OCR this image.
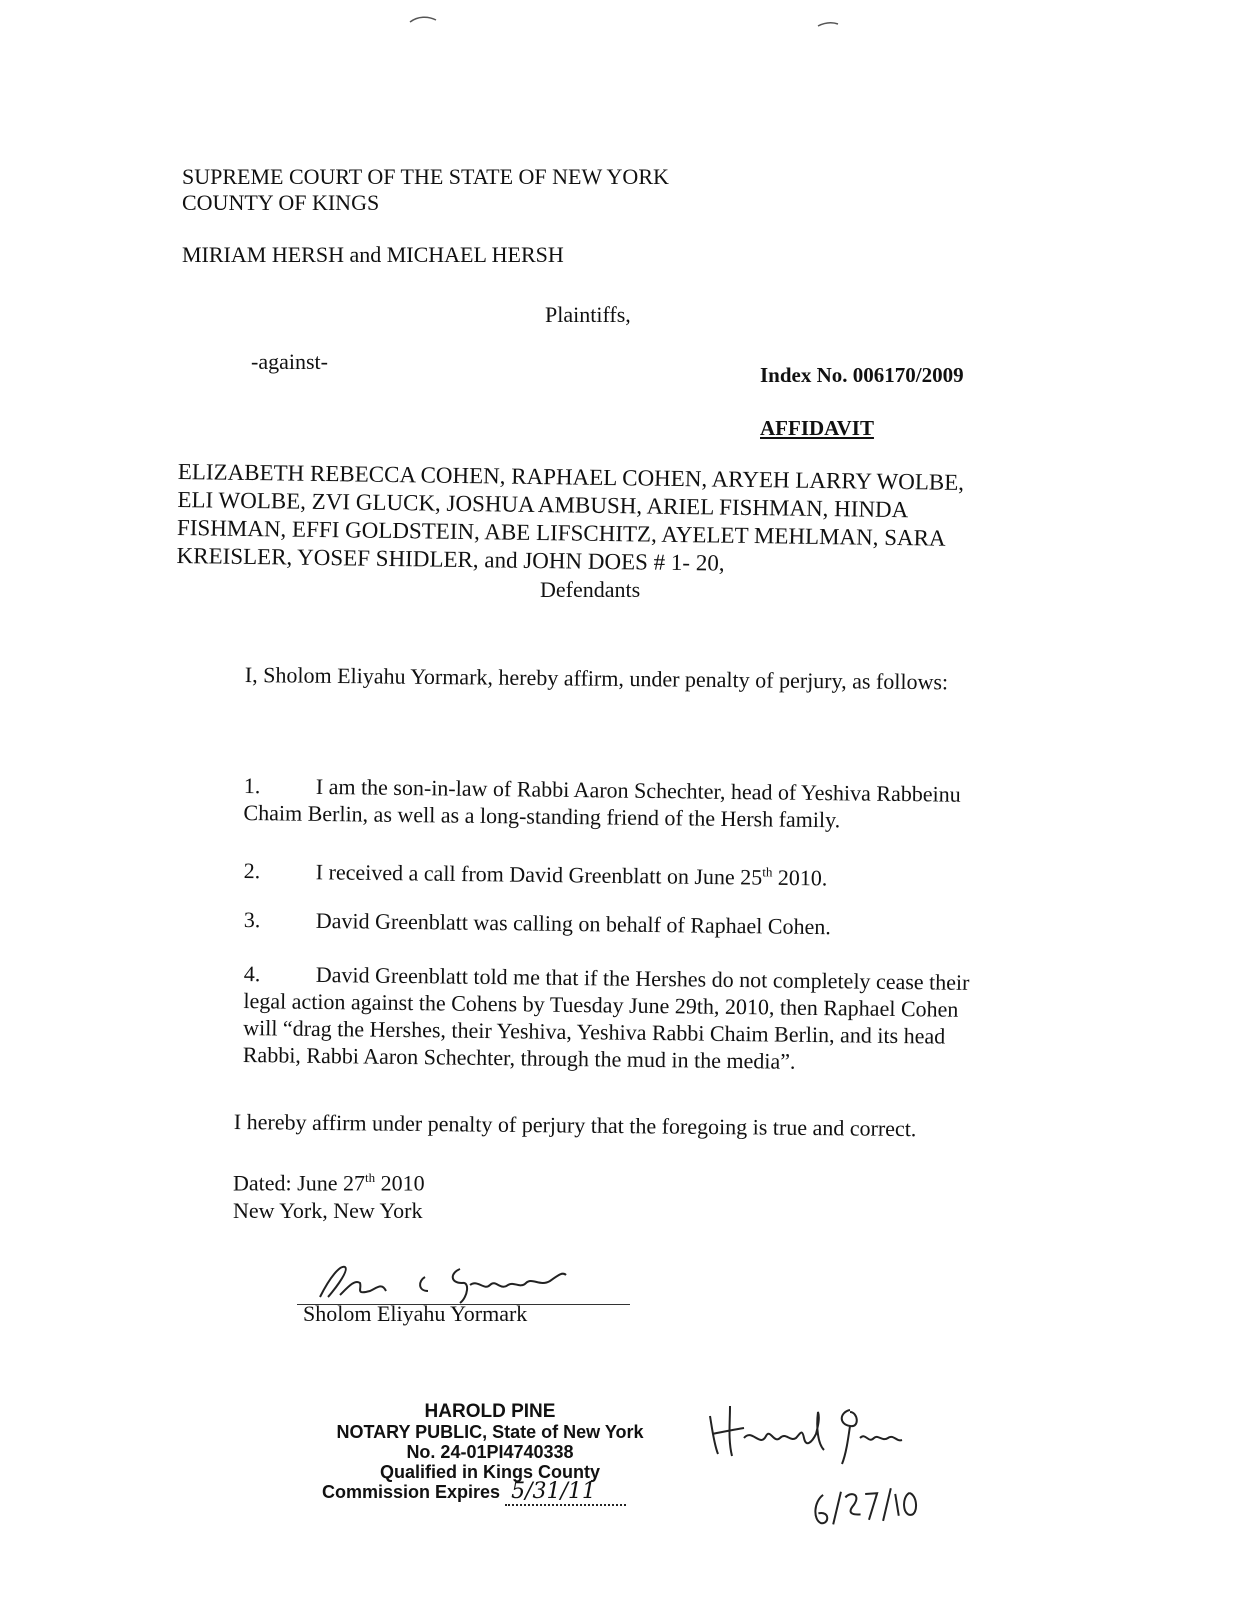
SUPREME COURT OF THE STATE OF NEW YORK
COUNTY OF KINGS
MIRIAM HERSH and MICHAEL HERSH
Plaintiffs,
-against-
Index No. 006170/2009
AFFIDAVIT
ELIZABETH REBECCA COHEN, RAPHAEL COHEN, ARYEH LARRY WOLBE,
ELI WOLBE, ZVI GLUCK, JOSHUA AMBUSH, ARIEL FISHMAN, HINDA
FISHMAN, EFFI GOLDSTEIN, ABE LIFSCHITZ, AYELET MEHLMAN, SARA
KREISLER, YOSEF SHIDLER, and JOHN DOES # 1- 20,
Defendants
I, Sholom Eliyahu Yormark, hereby affirm, under penalty of perjury, as follows:
1.	I am the son-in-law of Rabbi Aaron Schechter, head of Yeshiva Rabbeinu
Chaim Berlin, as well as a long-standing friend of the Hersh family.
2.	I received a call from David Greenblatt on June 25th 2010.
3.	David Greenblatt was calling on behalf of Raphael Cohen.
4.	David Greenblatt told me that if the Hershes do not completely cease their
legal action against the Cohens by Tuesday June 29th, 2010, then Raphael Cohen
will “drag the Hershes, their Yeshiva, Yeshiva Rabbi Chaim Berlin, and its head
Rabbi, Rabbi Aaron Schechter, through the mud in the media”.
I hereby affirm under penalty of perjury that the foregoing is true and correct.
Dated: June 27th 2010
New York, New York
Sholom Eliyahu Yormark
HAROLD PINE
NOTARY PUBLIC, State of New York
No. 24-01PI4740338
Qualified in Kings County
Commission Expires 5/31/11
